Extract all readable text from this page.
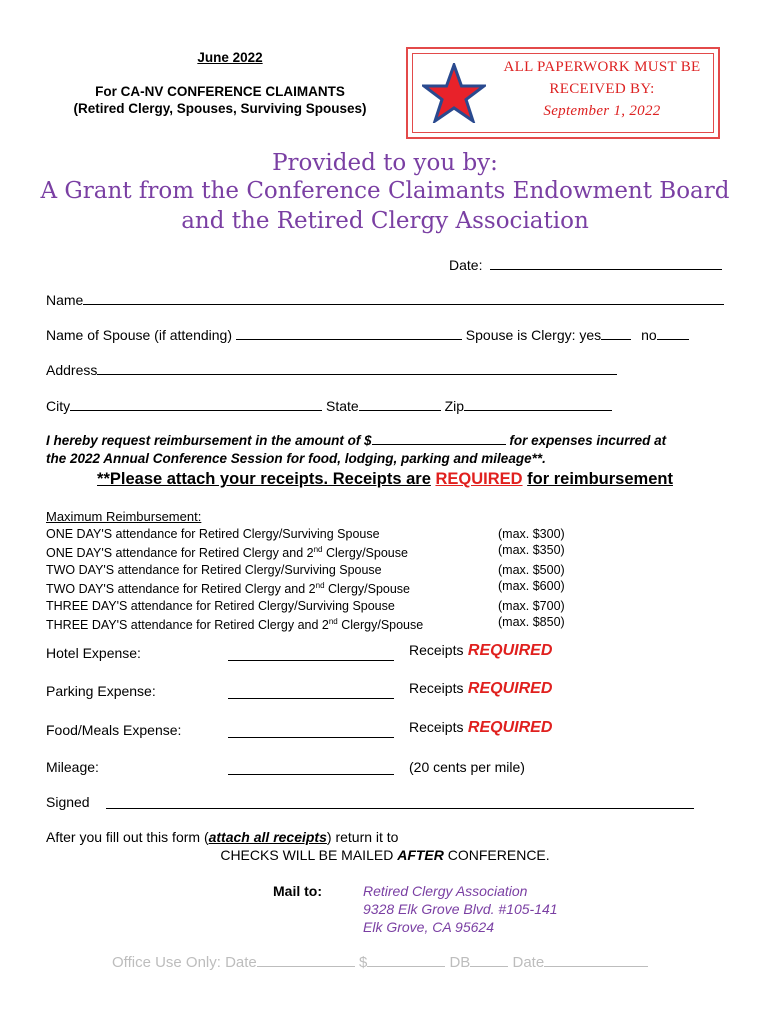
June 2022
For CA-NV CONFERENCE CLAIMANTS
(Retired Clergy, Spouses, Surviving Spouses)
ALL PAPERWORK MUST BE
RECEIVED BY:
September 1, 2022
Provided to you by:
A Grant from the Conference Claimants Endowment Board
and the Retired Clergy Association
Date:
Name
Name of Spouse (if attending)	Spouse is Clergy: yes	no
Address
City	State	Zip
I hereby request reimbursement in the amount of $	for expenses incurred at
the 2022 Annual Conference Session for food, lodging, parking and mileage**.
**Please attach your receipts. Receipts are REQUIRED for reimbursement
Maximum Reimbursement:
ONE DAY'S attendance for Retired Clergy/Surviving Spouse	(max. $300)
ONE DAY'S attendance for Retired Clergy and 2nd Clergy/Spouse	(max. $350)
TWO DAY'S attendance for Retired Clergy/Surviving Spouse	(max. $500)
TWO DAY'S attendance for Retired Clergy and 2nd Clergy/Spouse	(max. $600)
THREE DAY'S attendance for Retired Clergy/Surviving Spouse	(max. $700)
THREE DAY'S attendance for Retired Clergy and 2nd Clergy/Spouse	(max. $850)
Hotel Expense:	Receipts REQUIRED
Parking Expense:	Receipts REQUIRED
Food/Meals Expense:	Receipts REQUIRED
Mileage:	(20 cents per mile)
Signed
After you fill out this form (attach all receipts) return it to
CHECKS WILL BE MAILED AFTER CONFERENCE.
Mail to:	Retired Clergy Association
9328 Elk Grove Blvd. #105-141
Elk Grove, CA 95624
Office Use Only: Date	$	DB	Date
